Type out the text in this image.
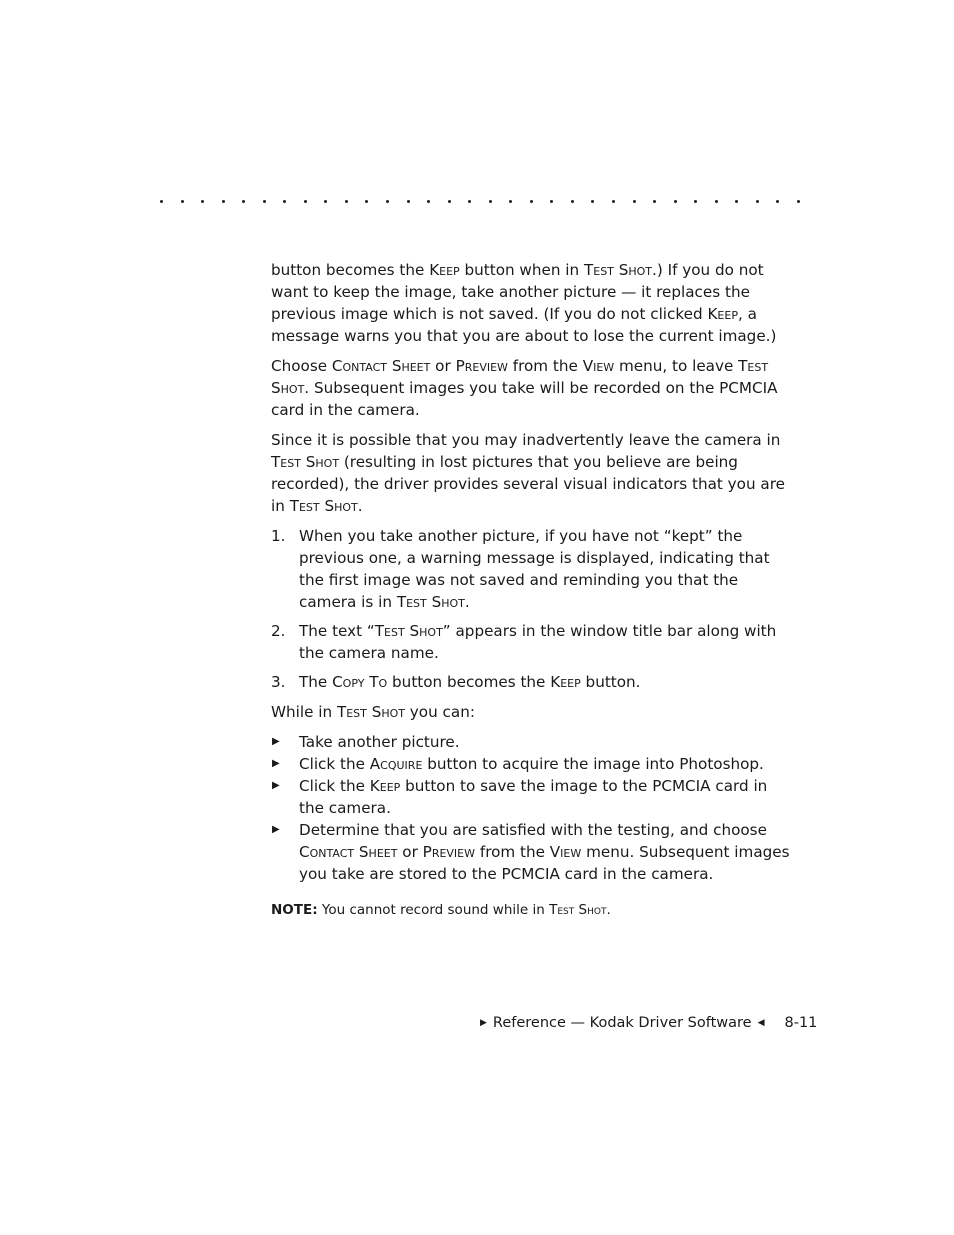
button becomes the Keep button when in Test Shot.) If you do not want to keep the image, take another picture — it replaces the previous image which is not saved. (If you do not clicked Keep, a message warns you that you are about to lose the current image.)

Choose Contact Sheet or Preview from the View menu, to leave Test Shot. Subsequent images you take will be recorded on the PCMCIA card in the camera.

Since it is possible that you may inadvertently leave the camera in Test Shot (resulting in lost pictures that you believe are being recorded), the driver provides several visual indicators that you are in Test Shot.

1. When you take another picture, if you have not “kept” the previous one, a warning message is displayed, indicating that the first image was not saved and reminding you that the camera is in Test Shot.
2. The text “Test Shot” appears in the window title bar along with the camera name.
3. The Copy To button becomes the Keep button.

While in Test Shot you can:

▶ Take another picture.
▶ Click the Acquire button to acquire the image into Photoshop.
▶ Click the Keep button to save the image to the PCMCIA card in the camera.
▶ Determine that you are satisfied with the testing, and choose Contact Sheet or Preview from the View menu. Subsequent images you take are stored to the PCMCIA card in the camera.

NOTE: You cannot record sound while in Test Shot.

▶ Reference — Kodak Driver Software ◀ 8-11
